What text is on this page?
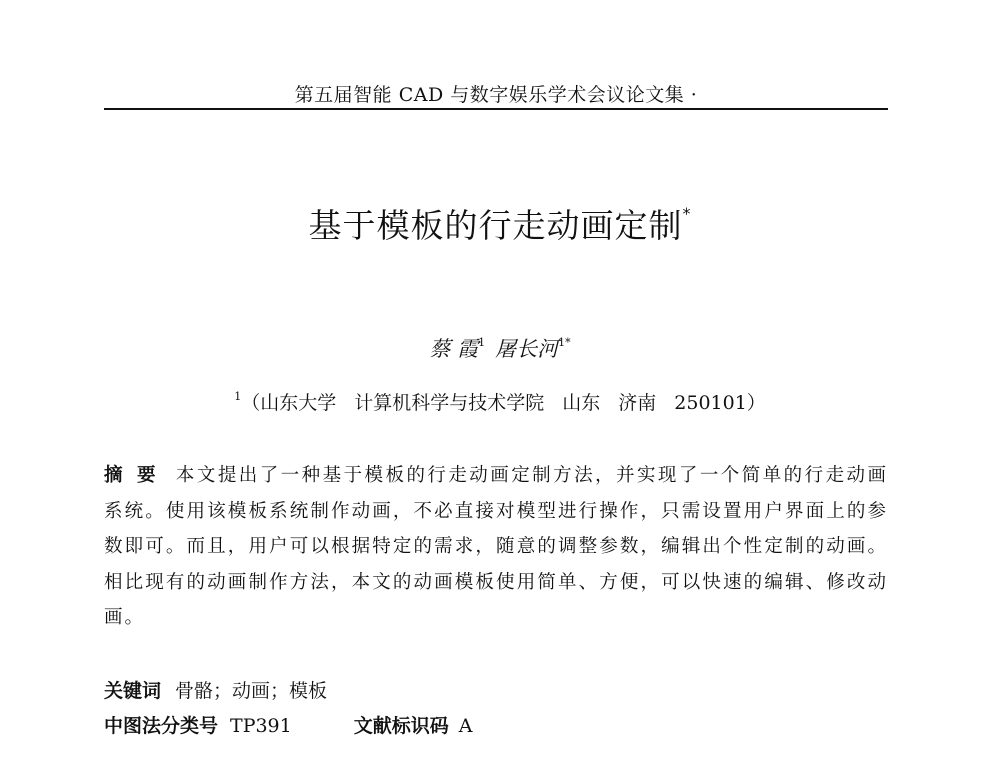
第五届智能 CAD 与数字娱乐学术会议论文集 ·
基于模板的行走动画定制*
蔡 霞$^1$ 屠长河$^{1*}$
$^1$（山东大学 计算机科学与技术学院 山东 济南 250101）
摘要 本文提出了一种基于模板的行走动画定制方法，并实现了一个简单的行走动画系统。使用该模板系统制作动画，不必直接对模型进行操作，只需设置用户界面上的参数即可。而且，用户可以根据特定的需求，随意的调整参数，编辑出个性定制的动画。相比现有的动画制作方法，本文的动画模板使用简单、方便，可以快速的编辑、修改动画。
关键词 骨骼；动画；模板
中图法分类号 TP391	文献标识码 A
